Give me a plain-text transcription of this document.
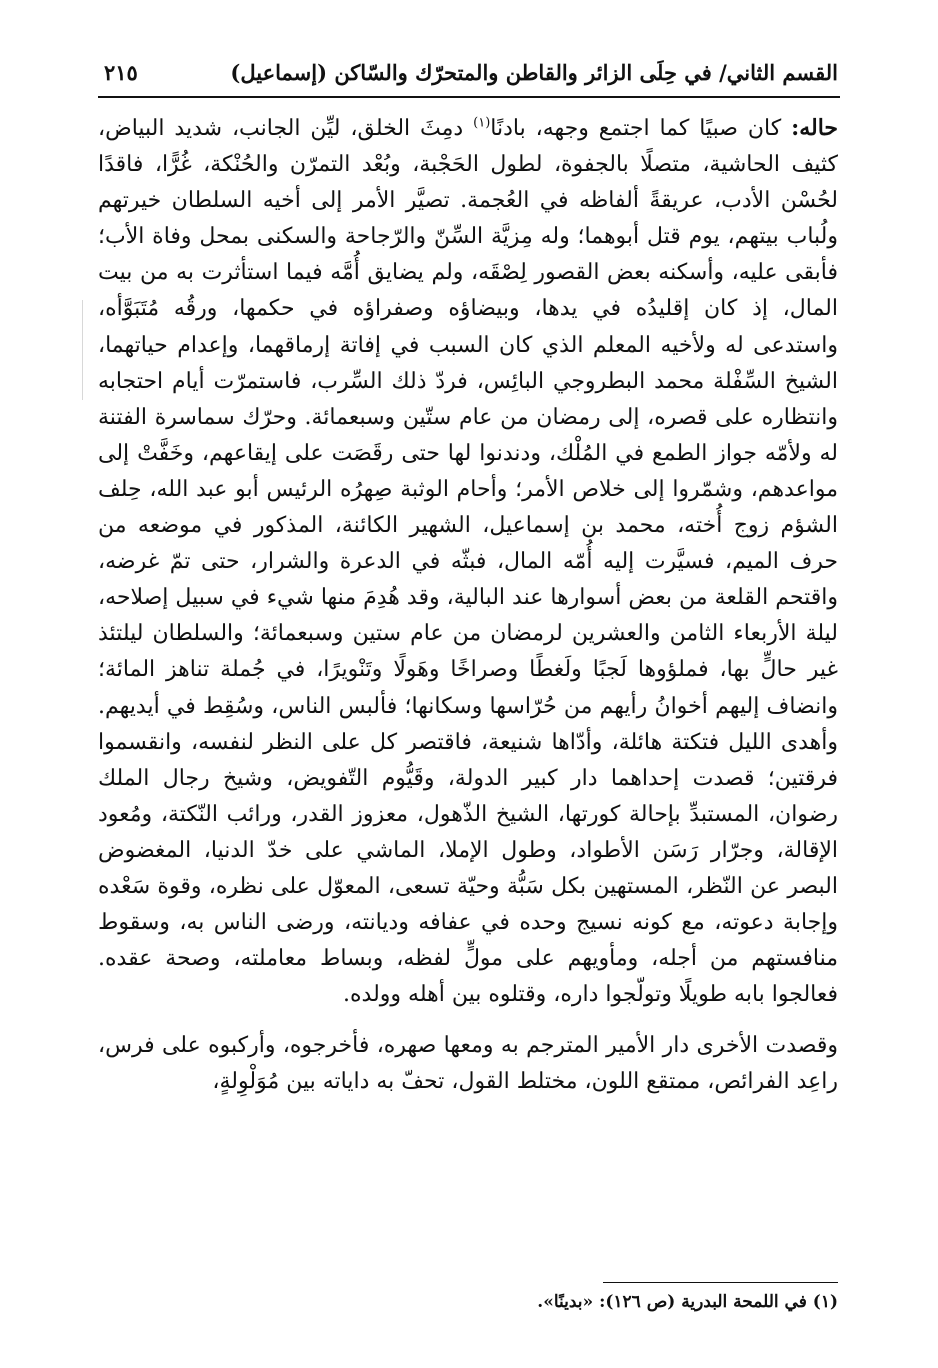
القسم الثاني/ في حِلَى الزائر والقاطن والمتحرّك والسّاكن (إسماعيل)
٢١٥

حاله: كان صبيًا كما اجتمع وجهه، بادنًا$^{(١)}$ دمِثَ الخلق، ليِّن الجانب، شديد البياض، كثيف الحاشية، متصلًا بالجفوة، لطول الحَجْبة، وبُعْد التمرّن والحُنْكة، غُرًّا، فاقدًا لحُسْن الأدب، عريقةً ألفاظه في العُجمة. تصيَّر الأمر إلى أخيه السلطان خيرتهم ولُباب بيتهم، يوم قتل أبوهما؛ وله مِزيَّة السِّنّ والرّجاحة والسكنى بمحل وفاة الأب؛ فأبقى عليه، وأسكنه بعض القصور لِصْقَه، ولم يضايق أُمَّه فيما استأثرت به من بيت المال، إذ كان إقليدُه في يدها، وبيضاؤه وصفراؤه في حكمها، ورقُه مُتَبَوَّأه، واستدعى له ولأخيه المعلم الذي كان السبب في إفاتة إرماقهما، وإعدام حياتهما، الشيخ السِّفْلة محمد البطروجي البائِس، فردّ ذلك السِّرب، فاستمرّت أيام احتجابه وانتظاره على قصره، إلى رمضان من عام ستّين وسبعمائة. وحرّك سماسرة الفتنة له ولأمّه جواز الطمع في المُلْك، ودندنوا لها حتى رقَصَت على إيقاعهم، وخَفَّتْ إلى مواعدهم، وشمّروا إلى خلاص الأمر؛ وأحام الوثبة صِهرُه الرئيس أبو عبد الله، حِلف الشؤم زوج أُخته، محمد بن إسماعيل، الشهير الكائنة، المذكور في موضعه من حرف الميم، فسيَّرت إليه أُمّه المال، فبثّه في الدعرة والشرار، حتى تمّ غرضه، واقتحم القلعة من بعض أسوارها عند البالية، وقد هُدِمَ منها شيء في سبيل إصلاحه، ليلة الأربعاء الثامن والعشرين لرمضان من عام ستين وسبعمائة؛ والسلطان ليلتئذ غير حالٍّ بها، فملؤوها لَجبًا ولَغطًا وصراخًا وهَولًا وتَنْويرًا، في جُملة تناهز المائة؛ وانضاف إليهم أخوانُ رأيهم من حُرّاسها وسكانها؛ فألبس الناس، وسُقِط في أيديهم. وأهدى الليل فتكتة هائلة، وأدّاها شنيعة، فاقتصر كل على النظر لنفسه، وانقسموا فرقتين؛ قصدت إحداهما دار كبير الدولة، وقَيُّوم التّفويض، وشيخ رجال الملك رضوان، المستبدِّ بإحالة كورتها، الشيخ الذّهول، معزوز القدر، ورائب النّكتة، ومُعود الإقالة، وجرّار رَسَن الأطواد، وطول الإملا، الماشي على خدّ الدنيا، المغضوض البصر عن النّظر، المستهين بكل سَبُّة وحيّة تسعى، المعوّل على نظره، وقوة سَعْده وإجابة دعوته، مع كونه نسيج وحده في عفافه وديانته، ورضى الناس به، وسقوط منافستهم من أجله، ومأويهم على مولٍّ لفظه، وبساط معاملته، وصحة عقده. فعالجوا بابه طويلًا وتولّجوا داره، وقتلوه بين أهله وولده.

وقصدت الأخرى دار الأمير المترجم به ومعها صهره، فأخرجوه، وأركبوه على فرس، راعِد الفرائص، ممتقع اللون، مختلط القول، تحفّ به داياته بين مُوَلْوِلةٍ،

(١) في اللمحة البدرية (ص ١٢٦): «بدينًا».
